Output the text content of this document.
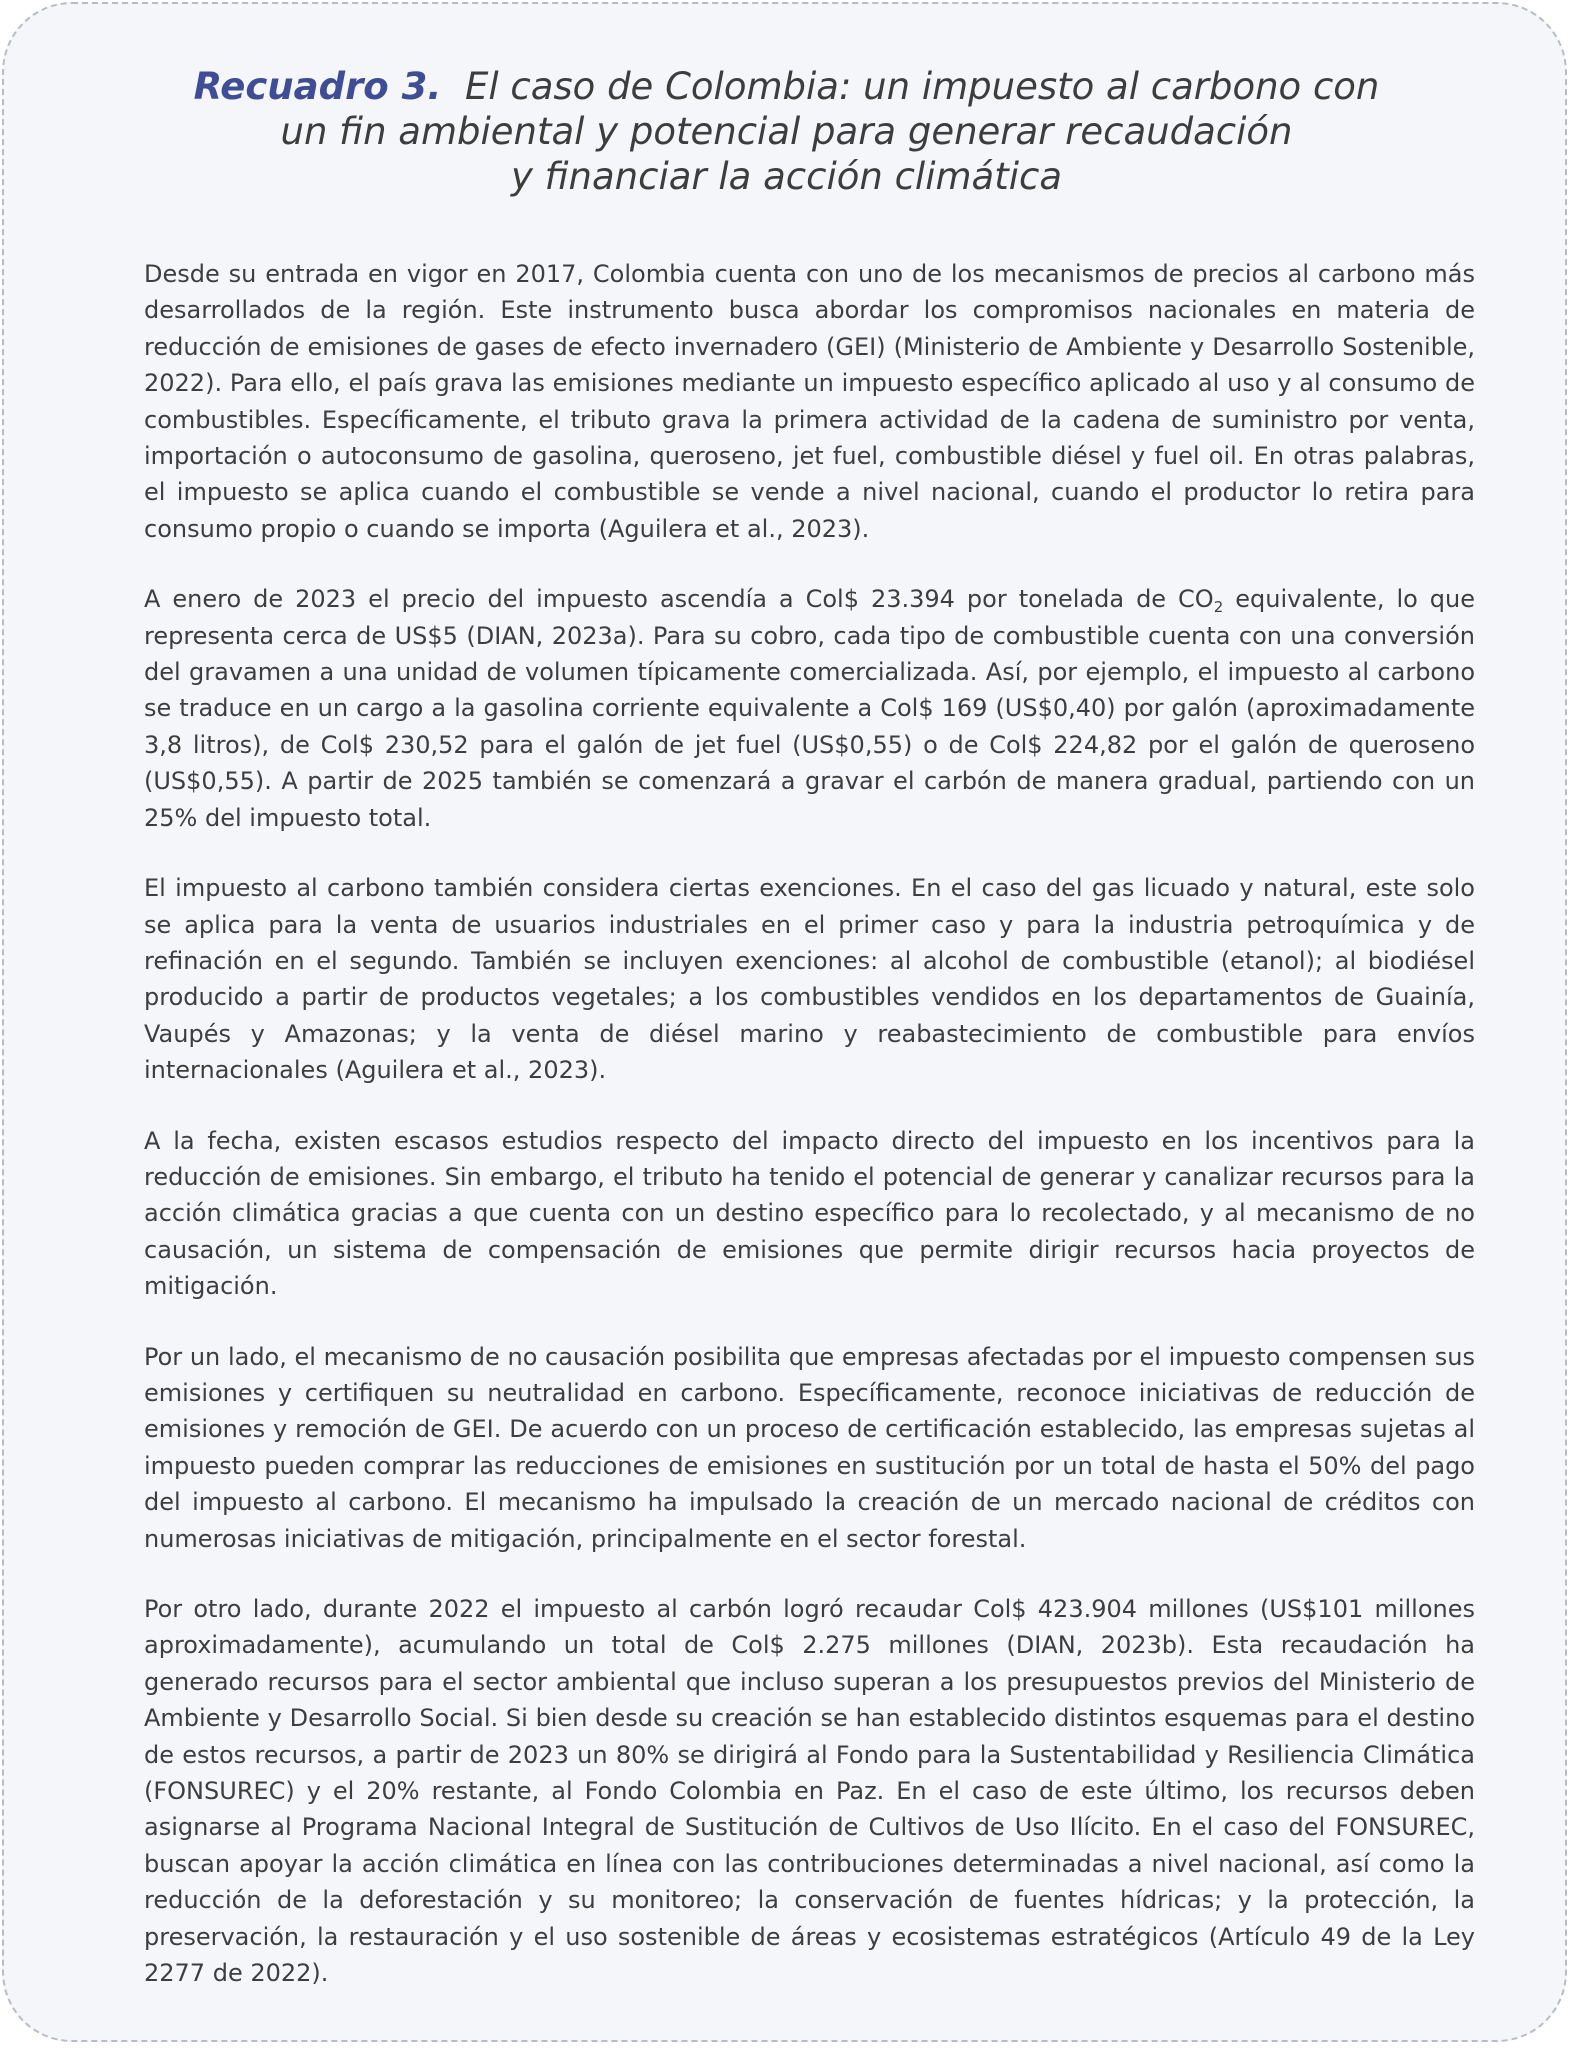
Recuadro 3. El caso de Colombia: un impuesto al carbono con
un fin ambiental y potencial para generar recaudación
y financiar la acción climática

Desde su entrada en vigor en 2017, Colombia cuenta con uno de los mecanismos de precios al carbono más desarrollados de la región. Este instrumento busca abordar los compromisos nacionales en materia de reducción de emisiones de gases de efecto invernadero (GEI) (Ministerio de Ambiente y Desarrollo Sostenible, 2022). Para ello, el país grava las emisiones mediante un impuesto específico aplicado al uso y al consumo de combustibles. Específicamente, el tributo grava la primera actividad de la cadena de suministro por venta, importación o autoconsumo de gasolina, queroseno, jet fuel, combustible diésel y fuel oil. En otras palabras, el impuesto se aplica cuando el combustible se vende a nivel nacional, cuando el productor lo retira para consumo propio o cuando se importa (Aguilera et al., 2023).

A enero de 2023 el precio del impuesto ascendía a Col$ 23.394 por tonelada de $CO_2$ equivalente, lo que representa cerca de US$5 (DIAN, 2023a). Para su cobro, cada tipo de combustible cuenta con una conversión del gravamen a una unidad de volumen típicamente comercializada. Así, por ejemplo, el impuesto al carbono se traduce en un cargo a la gasolina corriente equivalente a Col$ 169 (US$0,40) por galón (aproximadamente 3,8 litros), de Col$ 230,52 para el galón de jet fuel (US$0,55) o de Col$ 224,82 por el galón de queroseno (US$0,55). A partir de 2025 también se comenzará a gravar el carbón de manera gradual, partiendo con un 25% del impuesto total.

El impuesto al carbono también considera ciertas exenciones. En el caso del gas licuado y natural, este solo se aplica para la venta de usuarios industriales en el primer caso y para la industria petroquímica y de refinación en el segundo. También se incluyen exenciones: al alcohol de combustible (etanol); al biodiésel producido a partir de productos vegetales; a los combustibles vendidos en los departamentos de Guainía, Vaupés y Amazonas; y la venta de diésel marino y reabastecimiento de combustible para envíos internacionales (Aguilera et al., 2023).

A la fecha, existen escasos estudios respecto del impacto directo del impuesto en los incentivos para la reducción de emisiones. Sin embargo, el tributo ha tenido el potencial de generar y canalizar recursos para la acción climática gracias a que cuenta con un destino específico para lo recolectado, y al mecanismo de no causación, un sistema de compensación de emisiones que permite dirigir recursos hacia proyectos de mitigación.

Por un lado, el mecanismo de no causación posibilita que empresas afectadas por el impuesto compensen sus emisiones y certifiquen su neutralidad en carbono. Específicamente, reconoce iniciativas de reducción de emisiones y remoción de GEI. De acuerdo con un proceso de certificación establecido, las empresas sujetas al impuesto pueden comprar las reducciones de emisiones en sustitución por un total de hasta el 50% del pago del impuesto al carbono. El mecanismo ha impulsado la creación de un mercado nacional de créditos con numerosas iniciativas de mitigación, principalmente en el sector forestal.

Por otro lado, durante 2022 el impuesto al carbón logró recaudar Col$ 423.904 millones (US$101 millones aproximadamente), acumulando un total de Col$ 2.275 millones (DIAN, 2023b). Esta recaudación ha generado recursos para el sector ambiental que incluso superan a los presupuestos previos del Ministerio de Ambiente y Desarrollo Social. Si bien desde su creación se han establecido distintos esquemas para el destino de estos recursos, a partir de 2023 un 80% se dirigirá al Fondo para la Sustentabilidad y Resiliencia Climática (FONSUREC) y el 20% restante, al Fondo Colombia en Paz. En el caso de este último, los recursos deben asignarse al Programa Nacional Integral de Sustitución de Cultivos de Uso Ilícito. En el caso del FONSUREC, buscan apoyar la acción climática en línea con las contribuciones determinadas a nivel nacional, así como la reducción de la deforestación y su monitoreo; la conservación de fuentes hídricas; y la protección, la preservación, la restauración y el uso sostenible de áreas y ecosistemas estratégicos (Artículo 49 de la Ley 2277 de 2022).
